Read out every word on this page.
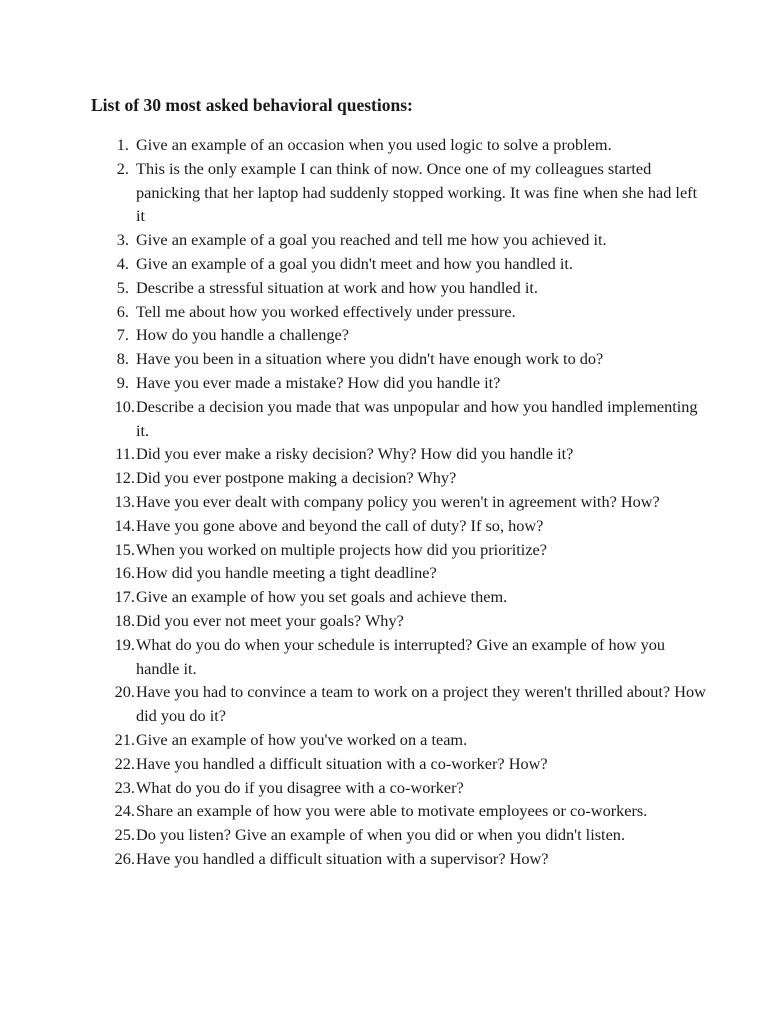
List of 30 most asked behavioral questions:
1. Give an example of an occasion when you used logic to solve a problem.
2. This is the only example I can think of now. Once one of my colleagues started panicking that her laptop had suddenly stopped working. It was fine when she had left it
3. Give an example of a goal you reached and tell me how you achieved it.
4. Give an example of a goal you didn't meet and how you handled it.
5. Describe a stressful situation at work and how you handled it.
6. Tell me about how you worked effectively under pressure.
7. How do you handle a challenge?
8. Have you been in a situation where you didn't have enough work to do?
9. Have you ever made a mistake? How did you handle it?
10. Describe a decision you made that was unpopular and how you handled implementing it.
11. Did you ever make a risky decision? Why? How did you handle it?
12. Did you ever postpone making a decision? Why?
13. Have you ever dealt with company policy you weren't in agreement with? How?
14. Have you gone above and beyond the call of duty? If so, how?
15. When you worked on multiple projects how did you prioritize?
16. How did you handle meeting a tight deadline?
17. Give an example of how you set goals and achieve them.
18. Did you ever not meet your goals? Why?
19. What do you do when your schedule is interrupted? Give an example of how you handle it.
20. Have you had to convince a team to work on a project they weren't thrilled about? How did you do it?
21. Give an example of how you've worked on a team.
22. Have you handled a difficult situation with a co-worker? How?
23. What do you do if you disagree with a co-worker?
24. Share an example of how you were able to motivate employees or co-workers.
25. Do you listen? Give an example of when you did or when you didn't listen.
26. Have you handled a difficult situation with a supervisor? How?
